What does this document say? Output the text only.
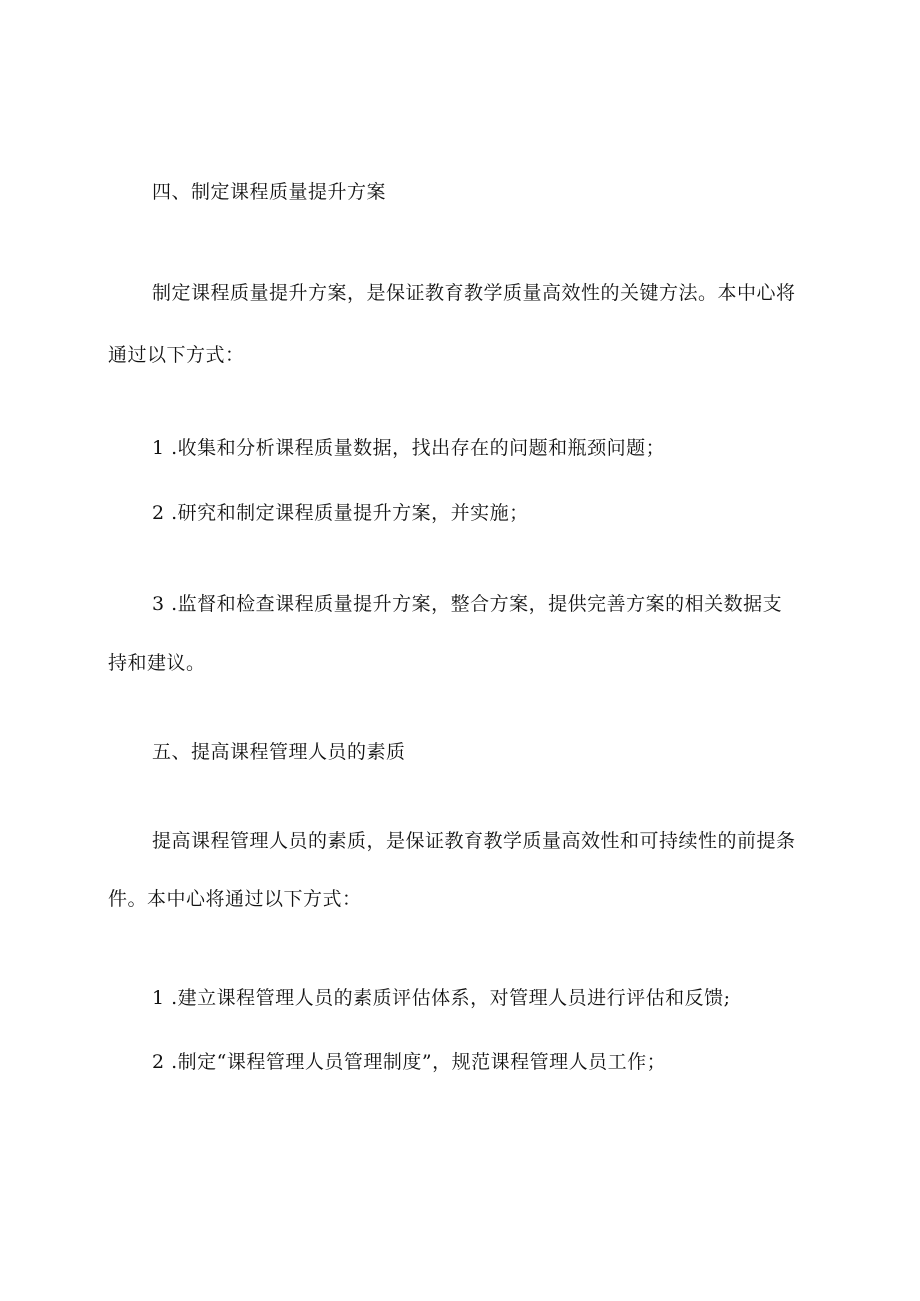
四、制定课程质量提升方案
制定课程质量提升方案，是保证教育教学质量高效性的关键方法。本中心将
通过以下方式：
1 .收集和分析课程质量数据，找出存在的问题和瓶颈问题；
2 .研究和制定课程质量提升方案，并实施；
3 .监督和检查课程质量提升方案，整合方案，提供完善方案的相关数据支
持和建议。
五、提高课程管理人员的素质
提高课程管理人员的素质，是保证教育教学质量高效性和可持续性的前提条
件。本中心将通过以下方式：
1 .建立课程管理人员的素质评估体系，对管理人员进行评估和反馈;
2 .制定“课程管理人员管理制度”，规范课程管理人员工作；
